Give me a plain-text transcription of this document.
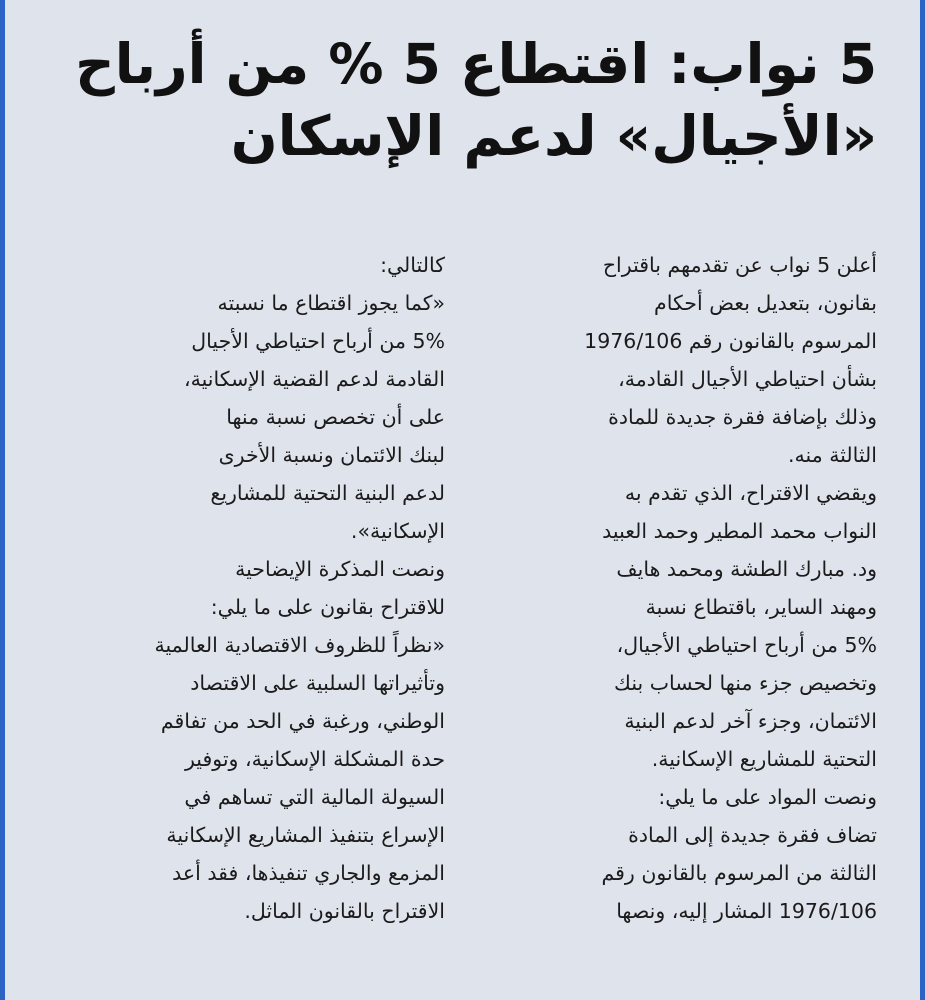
5 نواب: اقتطاع 5 % من أرباح
«الأجيال» لدعم الإسكان

أعلن 5 نواب عن تقدمهم باقتراح
بقانون، بتعديل بعض أحكام
المرسوم بالقانون رقم 1976/106
بشأن احتياطي الأجيال القادمة،
وذلك بإضافة فقرة جديدة للمادة
الثالثة منه.

ويقضي الاقتراح، الذي تقدم به
النواب محمد المطير وحمد العبيد
ود. مبارك الطشة ومحمد هايف
ومهند الساير، باقتطاع نسبة
5% من أرباح احتياطي الأجيال،
وتخصيص جزء منها لحساب بنك
الائتمان، وجزء آخر لدعم البنية
التحتية للمشاريع الإسكانية.

ونصت المواد على ما يلي:
تضاف فقرة جديدة إلى المادة
الثالثة من المرسوم بالقانون رقم
1976/106 المشار إليه، ونصها

كالتالي:
«كما يجوز اقتطاع ما نسبته
5% من أرباح احتياطي الأجيال
القادمة لدعم القضية الإسكانية،
على أن تخصص نسبة منها
لبنك الائتمان ونسبة الأخرى
لدعم البنية التحتية للمشاريع
الإسكانية».

ونصت المذكرة الإيضاحية
للاقتراح بقانون على ما يلي:
«نظراً للظروف الاقتصادية العالمية
وتأثيراتها السلبية على الاقتصاد
الوطني، ورغبة في الحد من تفاقم
حدة المشكلة الإسكانية، وتوفير
السيولة المالية التي تساهم في
الإسراع بتنفيذ المشاريع الإسكانية
المزمع والجاري تنفيذها، فقد أعد
الاقتراح بالقانون الماثل.
